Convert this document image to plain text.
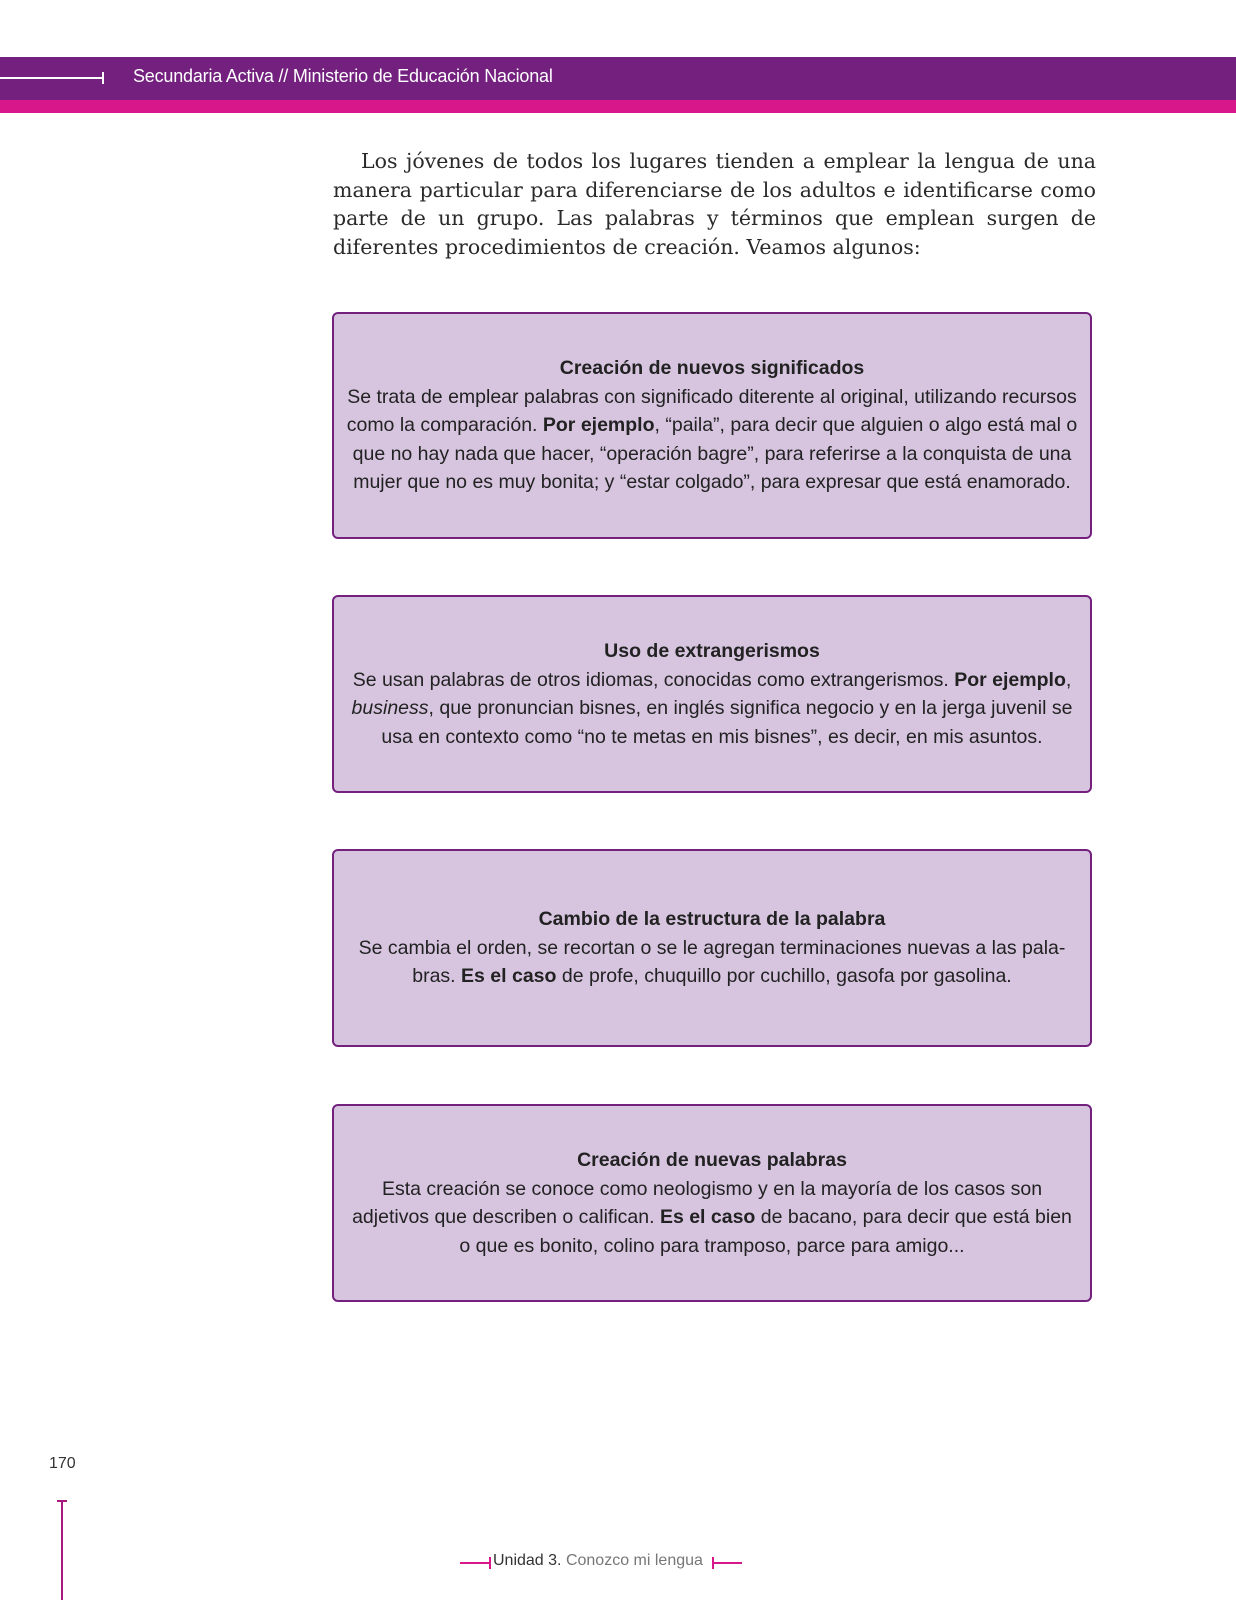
Secundaria Activa // Ministerio de Educación Nacional

Los jóvenes de todos los lugares tienden a emplear la lengua de una manera particular para diferenciarse de los adultos e identificarse como parte de un grupo. Las palabras y términos que emplean surgen de diferentes procedimientos de creación. Veamos algunos:

Creación de nuevos significados
Se trata de emplear palabras con significado diterente al original, utilizando recursos como la comparación. Por ejemplo, “paila”, para decir que alguien o algo está mal o que no hay nada que hacer, “operación bagre”, para referirse a la conquista de una mujer que no es muy bonita; y “estar colgado”, para expresar que está enamorado.
Uso de extrangerismos
Se usan palabras de otros idiomas, conocidas como extrangerismos. Por ejemplo, business, que pronuncian bisnes, en inglés significa negocio y en la jerga juvenil se usa en contexto como “no te metas en mis bisnes”, es decir, en mis asuntos.
Cambio de la estructura de la palabra
Se cambia el orden, se recortan o se le agregan terminaciones nuevas a las palabras. Es el caso de profe, chuquillo por cuchillo, gasofa por gasolina.
Creación de nuevas palabras
Esta creación se conoce como neologismo y en la mayoría de los casos son adjetivos que describen o califican. Es el caso de bacano, para decir que está bien o que es bonito, colino para tramposo, parce para amigo...
170
Unidad 3. Conozco mi lengua
